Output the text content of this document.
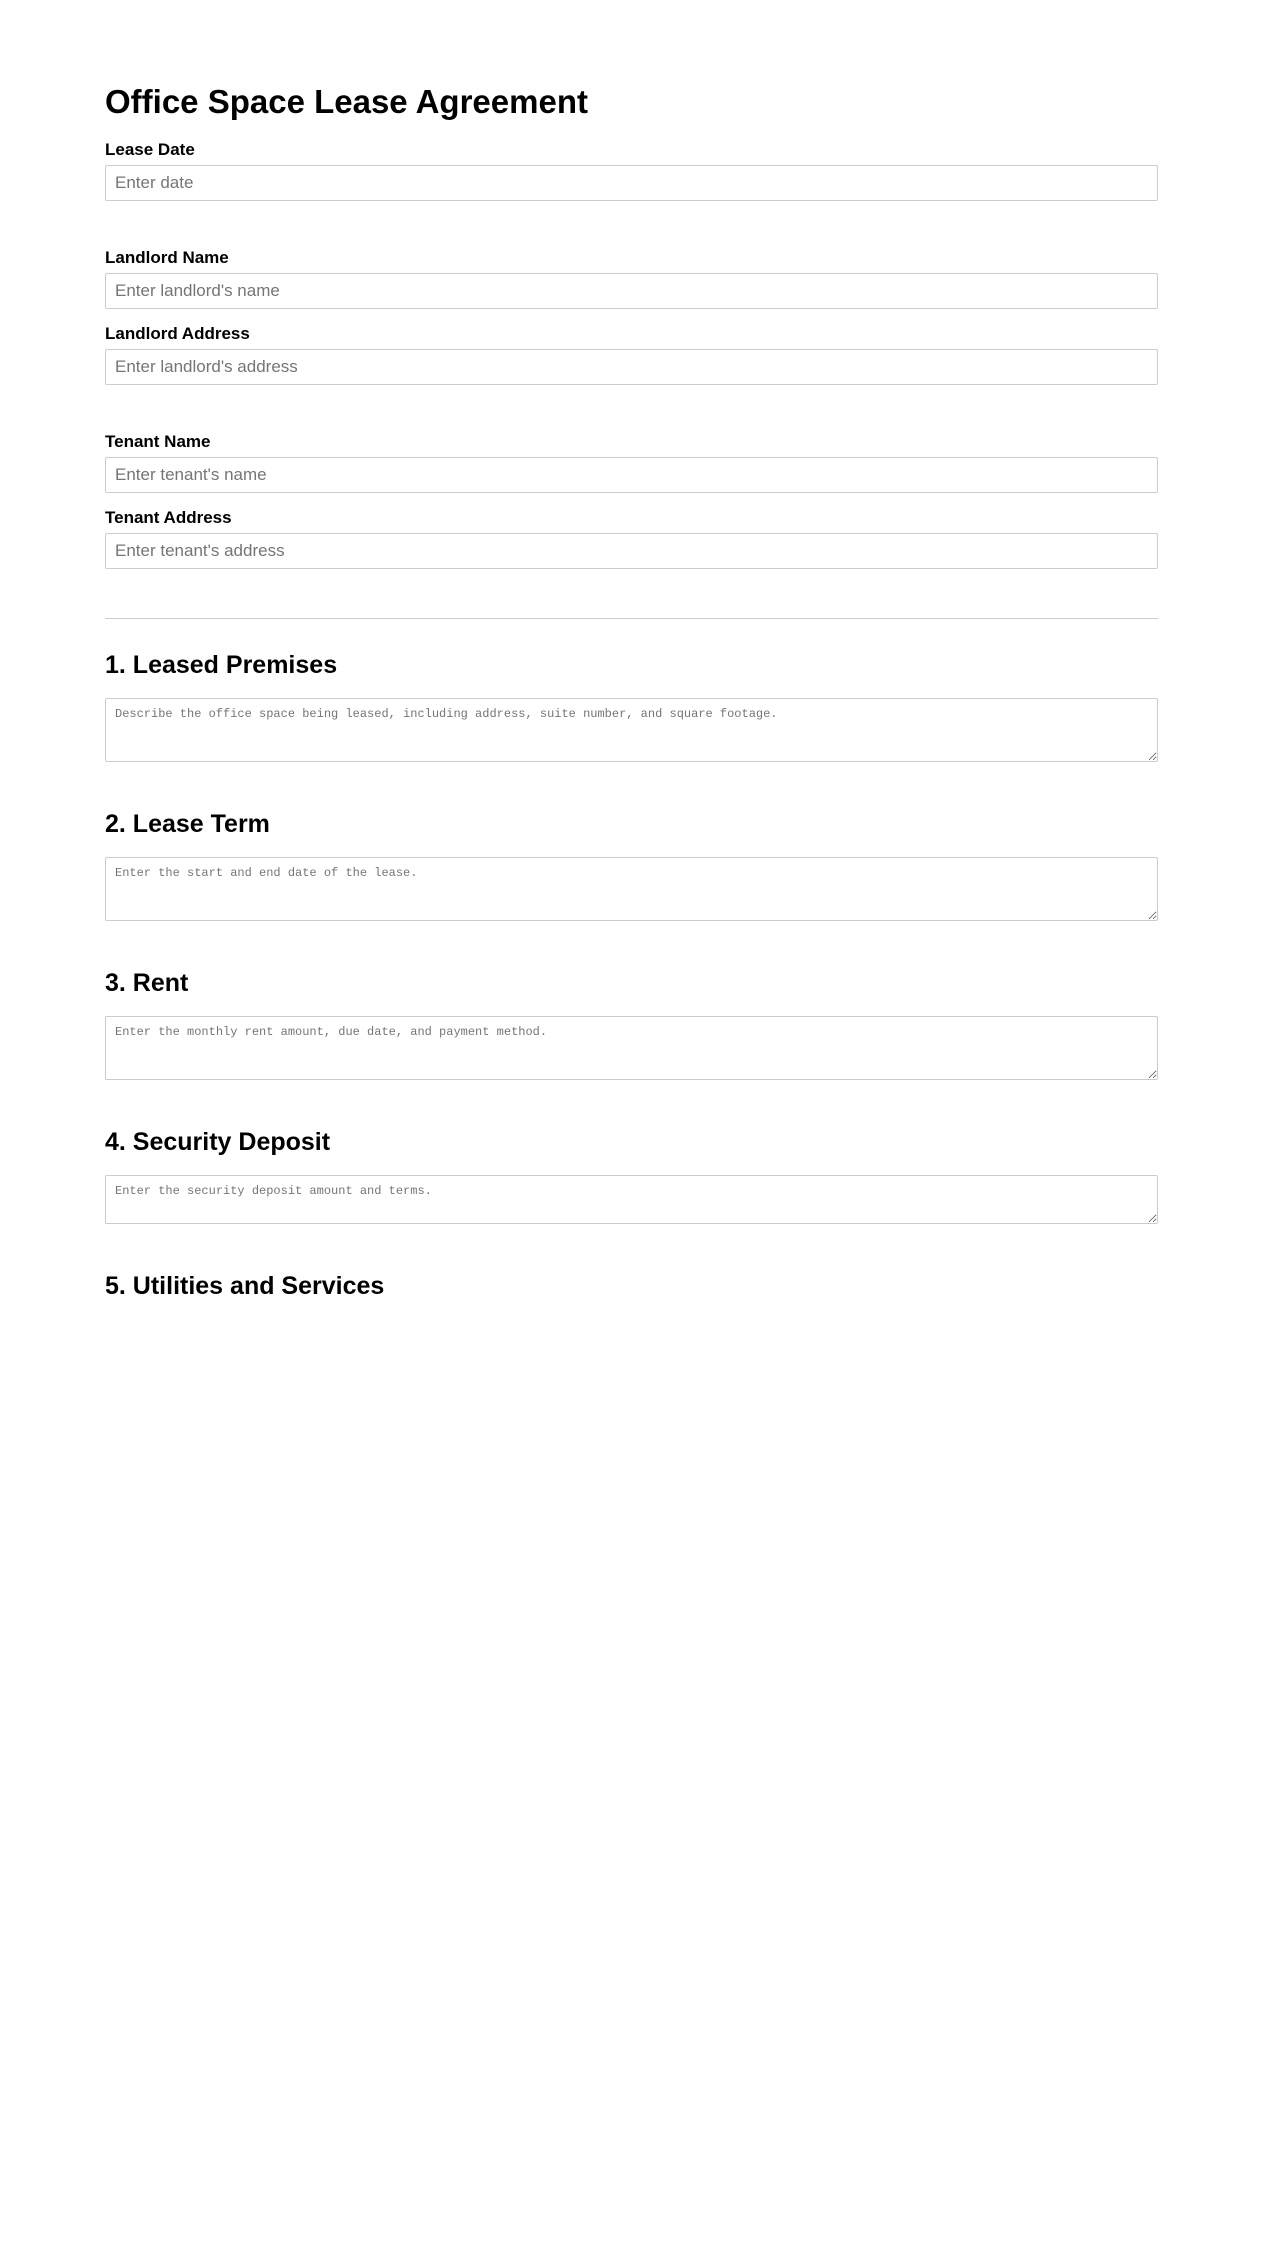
Office Space Lease Agreement
Lease Date
Enter date
Landlord Name
Enter landlord's name
Landlord Address
Enter landlord's address
Tenant Name
Enter tenant's name
Tenant Address
Enter tenant's address
1. Leased Premises
Describe the office space being leased, including address, suite number, and square footage.
2. Lease Term
Enter the start and end date of the lease.
3. Rent
Enter the monthly rent amount, due date, and payment method.
4. Security Deposit
Enter the security deposit amount and terms.
5. Utilities and Services
